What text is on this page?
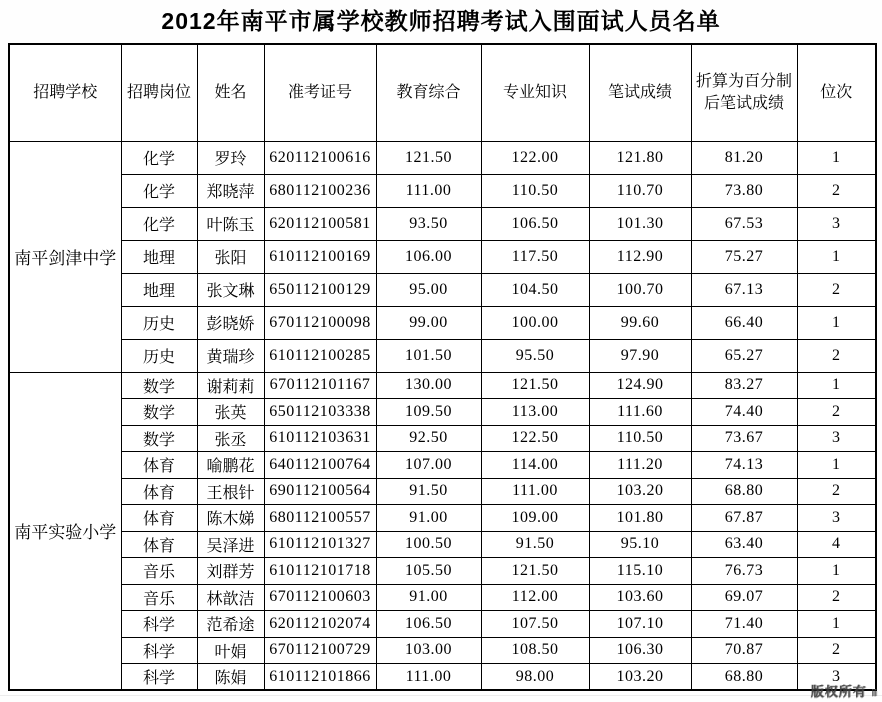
2012年南平市属学校教师招聘考试入围面试人员名单
招聘学校	招聘岗位	姓名	准考证号	教育综合	专业知识	笔试成绩	折算为百分制后笔试成绩	位次
南平剑津中学	化学	罗玲	620112100616	121.50	122.00	121.80	81.20	1
	化学	郑晓萍	680112100236	111.00	110.50	110.70	73.80	2
	化学	叶陈玉	620112100581	93.50	106.50	101.30	67.53	3
	地理	张阳	610112100169	106.00	117.50	112.90	75.27	1
	地理	张文琳	650112100129	95.00	104.50	100.70	67.13	2
	历史	彭晓娇	670112100098	99.00	100.00	99.60	66.40	1
	历史	黄瑞珍	610112100285	101.50	95.50	97.90	65.27	2
南平实验小学	数学	谢莉莉	670112101167	130.00	121.50	124.90	83.27	1
	数学	张英	650112103338	109.50	113.00	111.60	74.40	2
	数学	张丞	610112103631	92.50	122.50	110.50	73.67	3
	体育	喻鹏花	640112100764	107.00	114.00	111.20	74.13	1
	体育	王根针	690112100564	91.50	111.00	103.20	68.80	2
	体育	陈木娣	680112100557	91.00	109.00	101.80	67.87	3
	体育	吴泽进	610112101327	100.50	91.50	95.10	63.40	4
	音乐	刘群芳	610112101718	105.50	121.50	115.10	76.73	1
	音乐	林歆洁	670112100603	91.00	112.00	103.60	69.07	2
	科学	范希途	620112102074	106.50	107.50	107.10	71.40	1
	科学	叶娟	670112100729	103.00	108.50	106.30	70.87	2
	科学	陈娟	610112101866	111.00	98.00	103.20	68.80	3
版权所有 ⅲ
